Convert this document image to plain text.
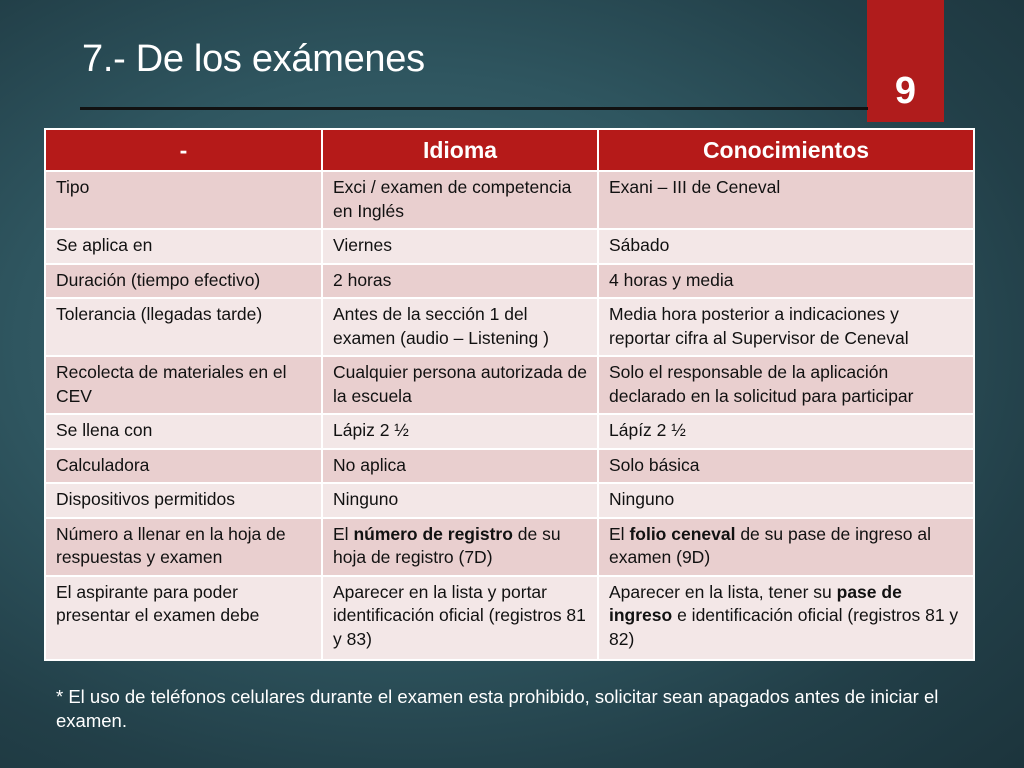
9
7.- De los exámenes
-	Idioma	Conocimientos
Tipo	Exci / examen de competencia en Inglés	Exani – III de Ceneval
Se aplica en	Viernes	Sábado
Duración (tiempo efectivo)	2 horas	4 horas y media
Tolerancia (llegadas tarde)	Antes de la sección 1 del examen (audio – Listening )	Media hora posterior a indicaciones y reportar cifra al Supervisor de Ceneval
Recolecta de materiales en el CEV	Cualquier persona autorizada de la escuela	Solo el responsable de la aplicación declarado en la solicitud para participar
Se llena con	Lápiz 2 ½	Lápíz 2 ½
Calculadora	No aplica	Solo básica
Dispositivos permitidos	Ninguno	Ninguno
Número a llenar en la hoja de respuestas y examen	El número de registro de su hoja de registro (7D)	El folio ceneval de su pase de ingreso al examen (9D)
El aspirante para poder presentar el examen debe	Aparecer en la lista y portar identificación oficial (registros 81 y 83)	Aparecer en la lista, tener su pase de ingreso e identificación oficial (registros 81 y 82)
* El uso de teléfonos celulares durante el examen esta prohibido, solicitar sean apagados antes de iniciar el examen.
